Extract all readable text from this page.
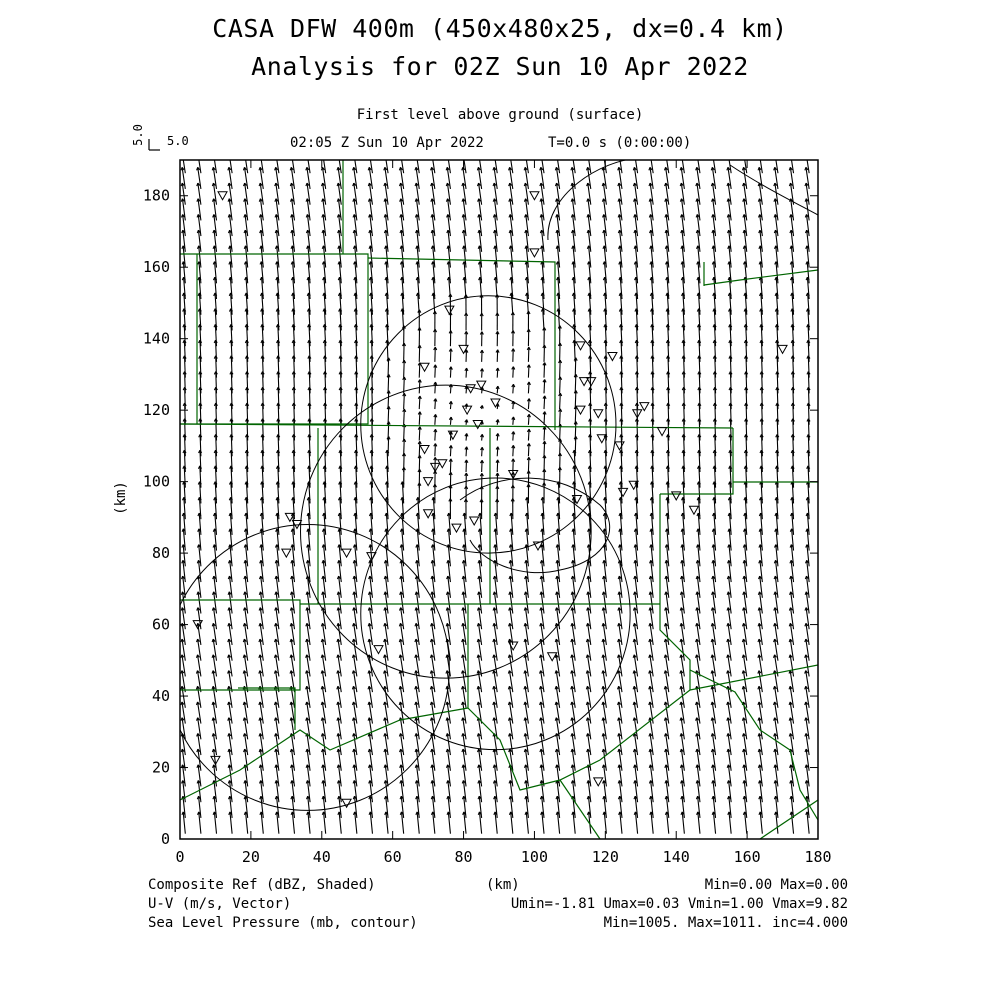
CASA DFW 400m (450x480x25, dx=0.4 km)
Analysis for 02Z Sun 10 Apr 2022
First level above ground (surface)
02:05 Z Sun 10 Apr 2022	T=0.0 s (0:00:00)
5.0
5.0
0	20	40	60	80	100	120	140	160	180
0
20
40
60
80
100
120
140
160
180
(km)
Composite Ref (dBZ, Shaded)
U-V (m/s, Vector)
Sea Level Pressure (mb, contour)
(km)	Min=0.00 Max=0.00
Umin=-1.81 Umax=0.03 Vmin=1.00 Vmax=9.82
Min=1005. Max=1011. inc=4.000
